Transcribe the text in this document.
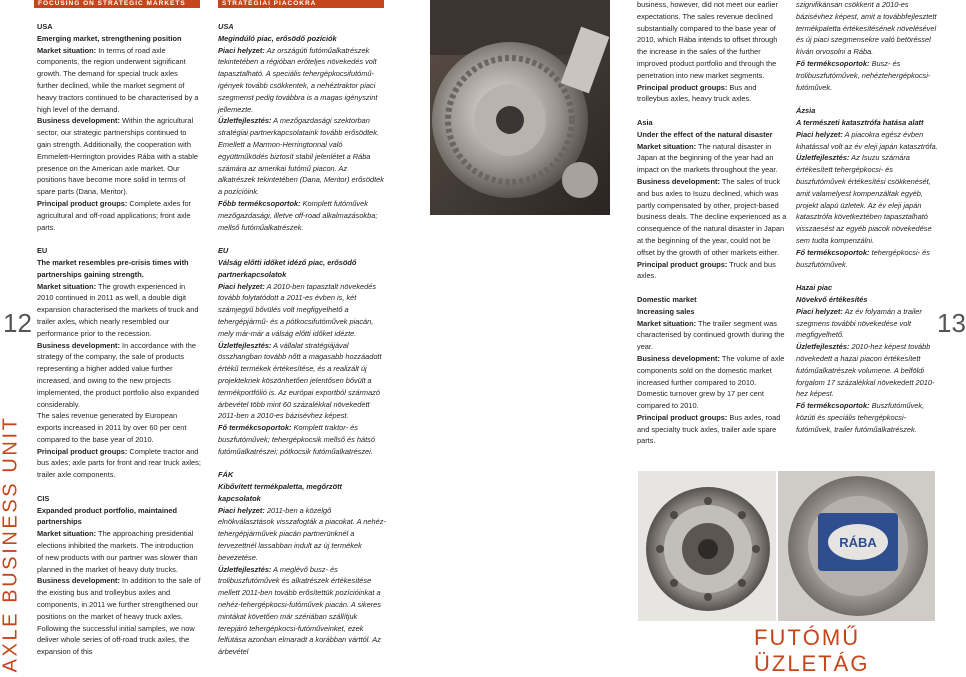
FOCUSING ON STRATEGIC MARKETS	STRATÉGIAI PIACOKRA KONCENTRÁLVA

USA

Emerging market, strengthening position

Market situation: In terms of road axle components, the region underwent significant growth. The demand for special truck axles further declined, while the market segment of heavy tractors continued to be characterised by a high level of the demand.

Business development: Within the agricultural sector, our strategic partnerships continued to gain strength. Additionally, the cooperation with Emmelett-Herrington provides Rába with a stable presence on the American axle market. Our positions have become more solid in terms of spare parts (Dana, Meritor).

Principal product groups: Complete axles for agricultural and off-road applications; front axle parts.

EU

The market resembles pre-crisis times with partnerships gaining strength.

Market situation: The growth experienced in 2010 continued in 2011 as well, a double digit expansion characterised the markets of truck and trailer axles, which nearly resembled our performance prior to the recession.

Business development: In accordance with the strategy of the company, the sale of products representing a higher added value further increased, and owing to the new projects implemented, the product portfolio also expanded considerably.

The sales revenue generated by European exports increased in 2011 by over 60 per cent compared to the base year of 2010.

Principal product groups: Complete tractor and bus axles; axle parts for front and rear truck axles; trailer axle components.

CIS

Expanded product portfolio, maintained partnerships

Market situation: The approaching presidential elections inhibited the markets. The introduction of new products with our partner was slower than planned in the market of heavy duty trucks.

Business development: In addition to the sale of the existing bus and trolleybus axles and components, in 2011 we further strengthened our positions on the market of heavy truck axles. Following the successful initial samples, we now deliver whole series of off-road truck axles, the expansion of this

USA

Megindúló piac, erősödő pozíciók

Piaci helyzet: Az országúti futóműalkatrészek tekintetében a régióban erőteljes növekedés volt tapasztalható. A speciális tehergépkocsifutómű-igények tovább csökkentek, a nehéztraktor piaci szegmenst pedig továbbra is a magas igényszint jellemezte.

Üzletfejlesztés: A mezőgazdasági szektorban stratégiai partnerkapcsolataink tovább erősödtek. Emellett a Marmon-Herringtonnal való együttműködés biztosít stabil jelenlétet a Rába számára az amerikai futómű piacon. Az alkatrészek tekintetében (Dana, Meritor) erősödtek a pozícióink.

Főbb termékcsoportok: Komplett futóművek mezőgazdasági, illetve off-road alkalmazásokba; mellső futóműalkatrészek.

EU

Válság előtti időket idéző piac, erősödő partnerkapcsolatok

Piaci helyzet: A 2010-ben tapasztalt növekedés tovább folytatódott a 2011-es évben is, két számjegyű bővülés volt megfigyelhető a tehergépjármű- és a pótkocsifutóművek piacán, mely már-már a válság előtti időket idézte.

Üzletfejlesztés: A vállalat stratégiájával összhangban tovább nőtt a magasabb hozzáadott értékű termékek értékesítése, és a realizált új projekteknek köszönhetően jelentősen bővült a termékportfólió is. Az európai exportból származó árbevétel több mint 60 százalékkal növekedett 2011-ben a 2010-es bázisévhez képest.

Fő termékcsoportok: Komplett traktor- és buszfutóművek; tehergépkocsik mellső és hátsó futóműalkatrészei; pótkocsik futóműalkatrészei.

FÁK

Kibővített termékpaletta, megőrzött kapcsolatok

Piaci helyzet: 2011-ben a közelgő elnökválasztások visszafogták a piacokat. A nehéz-tehergépjárművek piacán partnerünknél a tervezettnél lassabban indult az új termékek bevezetése.

Üzletfejlesztés: A meglévő busz- és trolibuszfutóművek és alkatrészek értékesítése mellett 2011-ben tovább erősítettük pozícióinkat a nehéz-tehergépkocsi-futóművek piacán. A sikeres mintákat követően már szériában szállítjuk terepjáró tehergépkocsi-futóműveinket, ezek felfutása azonban elmaradt a korábban várttól. Az árbevétel

12
AXLE BUSINESS UNIT	RÁBA

business, however, did not meet our earlier expectations. The sales revenue declined substantially compared to the base year of 2010, which Rába intends to offset through the increase in the sales of the further improved product portfolio and through the penetration into new market segments.

Principal product groups: Bus and trolleybus axles, heavy truck axles.

Asia

Under the effect of the natural disaster

Market situation: The natural disaster in Japan at the beginning of the year had an impact on the markets throughout the year.

Business development: The sales of truck and bus axles to Isuzu declined, which was partly compensated by other, project-based business deals. The decline experienced as a consequence of the natural disaster in Japan at the beginning of the year, could not be offset by the growth of other markets either.

Principal product groups: Truck and bus axles.

Domestic market

Increasing sales

Market situation: The trailer segment was characterised by continued growth during the year.

Business development: The volume of axle components sold on the domestic market increased further compared to 2010. Domestic turnover grew by 17 per cent compared to 2010.

Principal product groups: Bus axles, road and specialty truck axles, trailer axle spare parts.

szignifikánsan csökkent a 2010-es bázisévhez képest, amit a továbbfejlesztett termékpaletta értékesítésének növelésével és új piaci szegmensekre való betöréssel kíván orvosolni a Rába.

Fő termékcsoportok: Busz- és trolibuszfutóművek, nehéztehergépkocsi-futóművek.

Ázsia

A természeti katasztrófa hatása alatt

Piaci helyzet: A piacokra egész évben kihatással volt az év eleji japán katasztrófa.

Üzletfejlesztés: Az Isuzu számára értékesített tehergépkocsi- és buszfutóművek értékesítési csökkenését, amit valamelyest kompenzáltak egyéb, projekt alapú üzletek. Az év eleji japán katasztrófa következtében tapasztalható visszaesést az egyéb piacok növekedése sem tudta kompenzálni.

Fő termékcsoportok: tehergépkocsi- és buszfutóművek.

Hazai piac

Növekvő értékesítés

Piaci helyzet: Az év folyamán a trailer szegmens további növekedése volt megfigyelhető.

Üzletfejlesztés: 2010-hez képest tovább növekedett a hazai piacon értékesített futóműalkatrészek volumene. A belföldi forgalom 17 százalékkal növekedett 2010-hez képest.

Fő termékcsoportok: Buszfutóművek, közúti és speciális tehergépkocsi-futóművek, trailer futóműalkatrészek.

13
FUTÓMŰ ÜZLETÁG
